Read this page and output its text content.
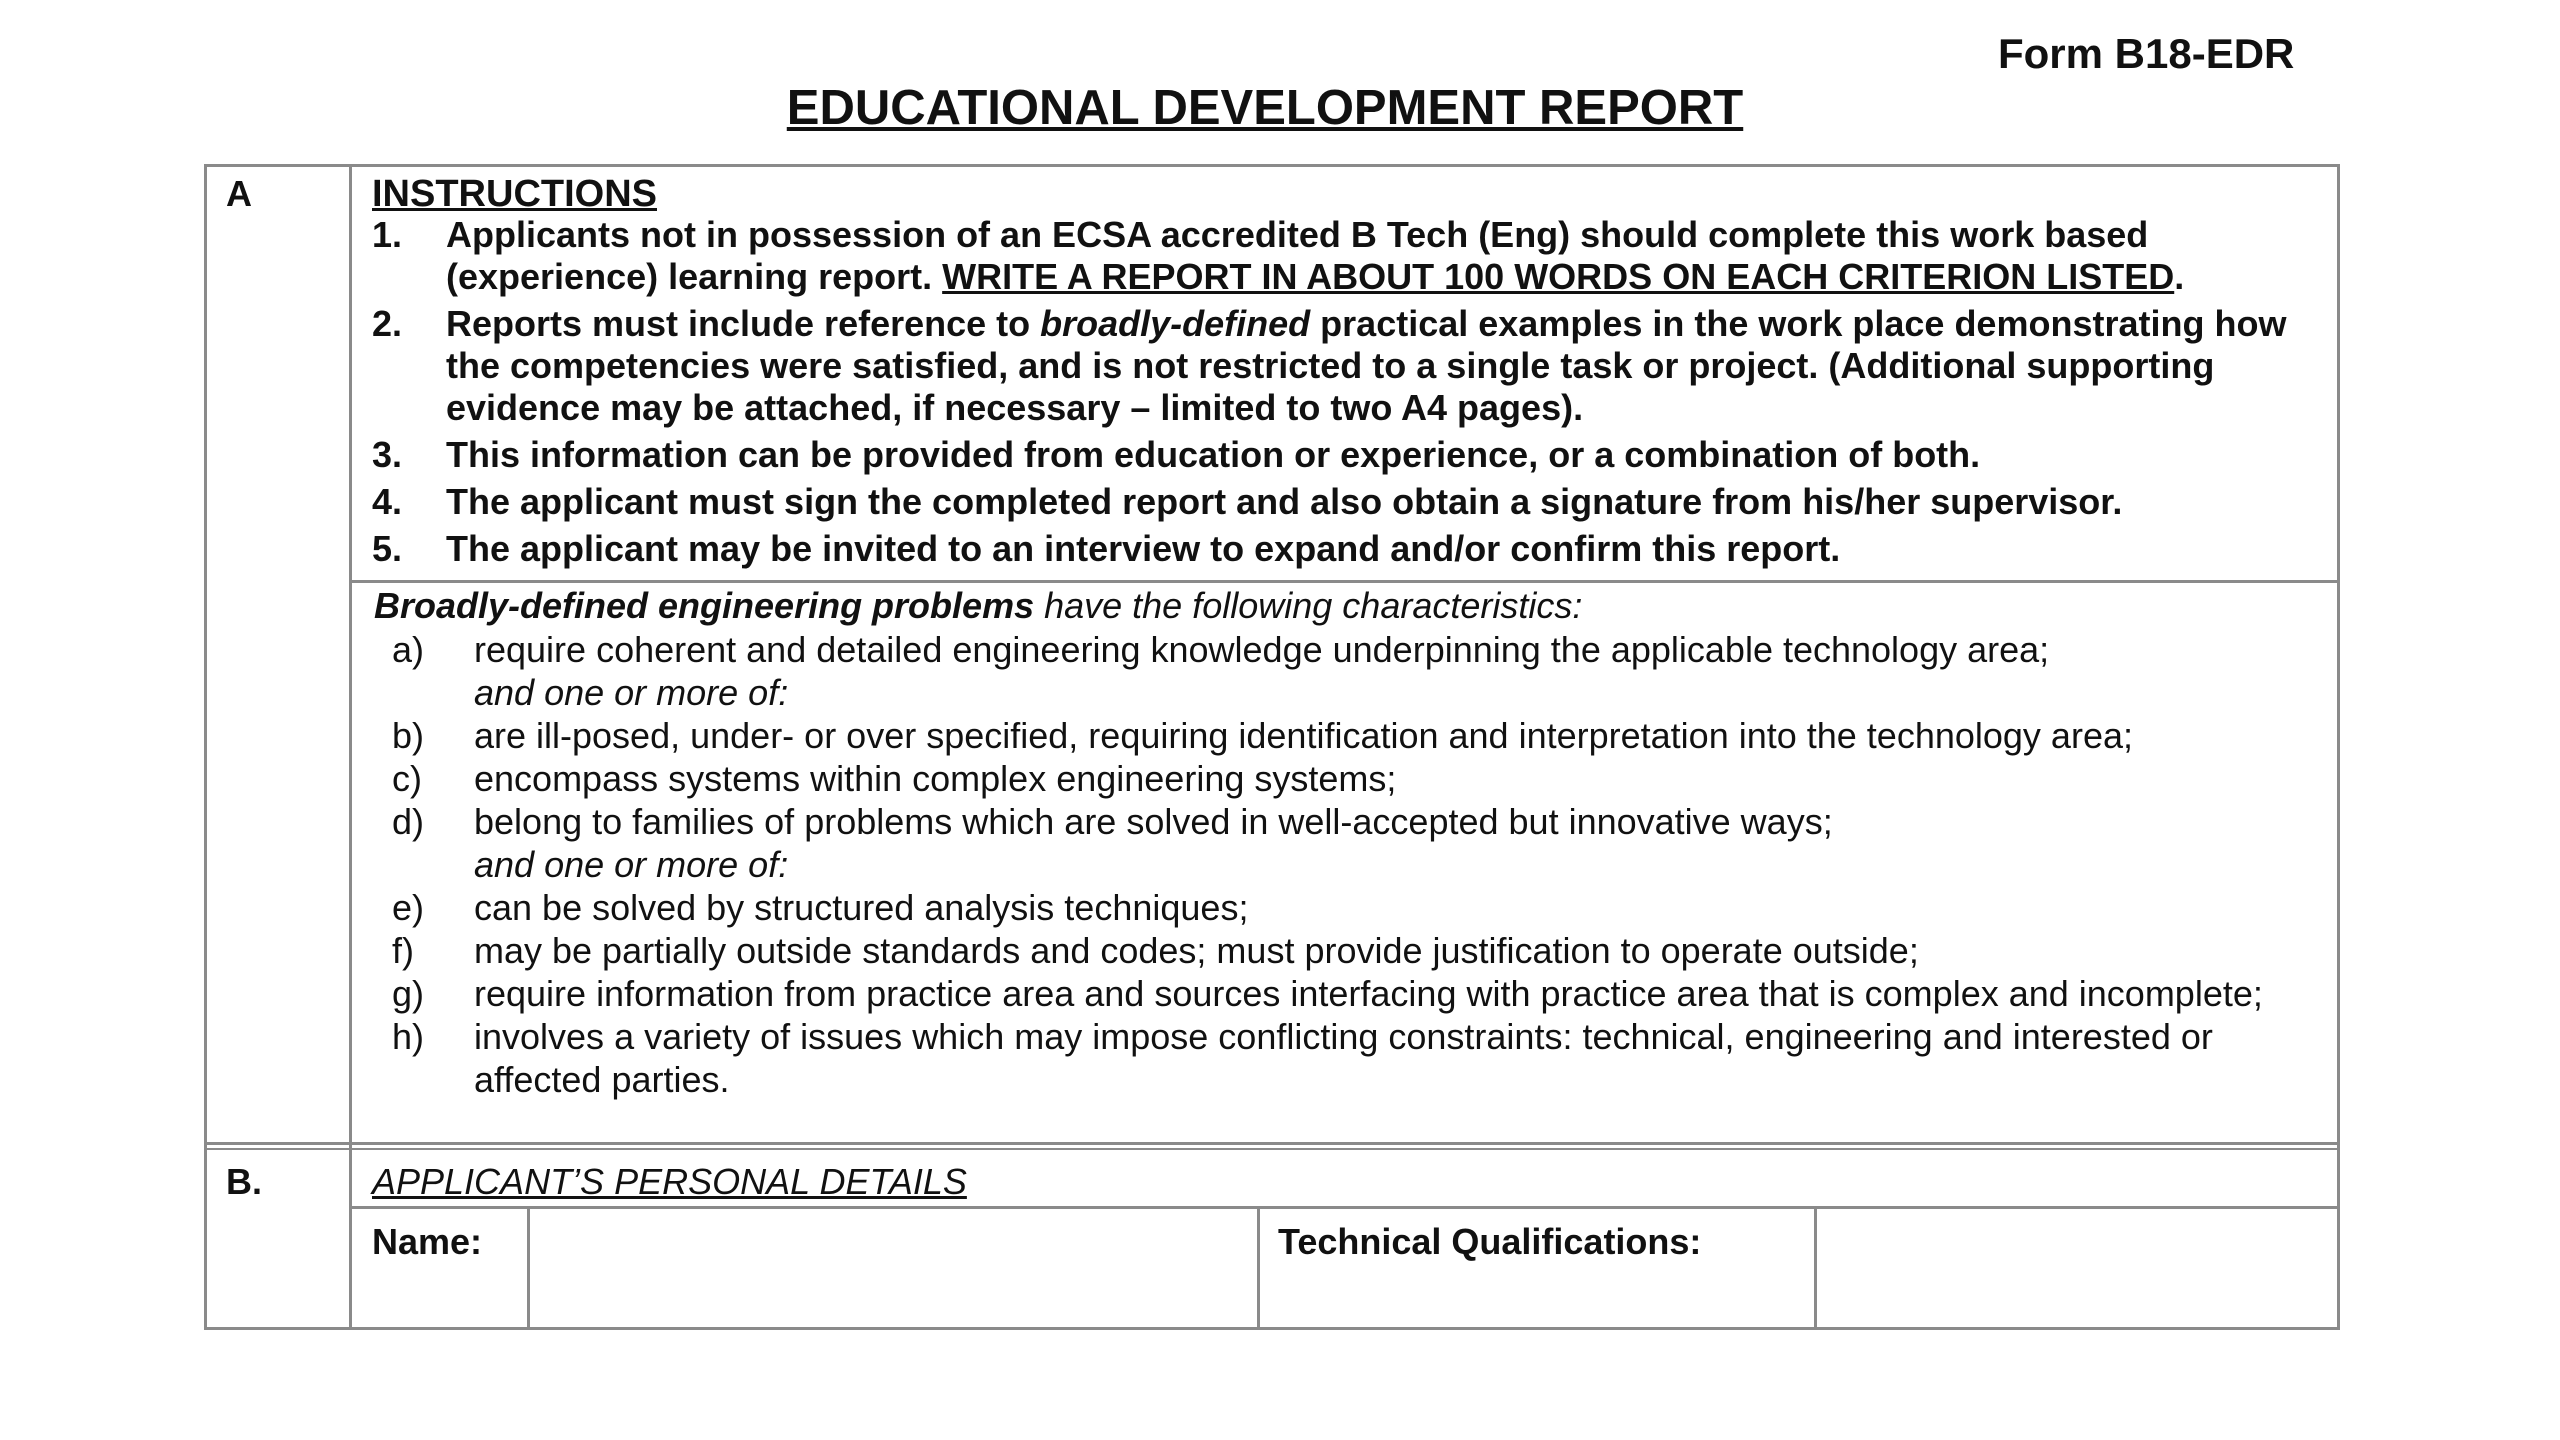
Form B18-EDR
EDUCATIONAL DEVELOPMENT REPORT
A	INSTRUCTIONS
1.	Applicants not in possession of an ECSA accredited B Tech (Eng) should complete this work based (experience) learning report. WRITE A REPORT IN ABOUT 100 WORDS ON EACH CRITERION LISTED.
2.	Reports must include reference to broadly-defined practical examples in the work place demonstrating how the competencies were satisfied, and is not restricted to a single task or project. (Additional supporting evidence may be attached, if necessary – limited to two A4 pages).
3.	This information can be provided from education or experience, or a combination of both.
4.	The applicant must sign the completed report and also obtain a signature from his/her supervisor.
5.	The applicant may be invited to an interview to expand and/or confirm this report.
Broadly-defined engineering problems have the following characteristics:
a)	require coherent and detailed engineering knowledge underpinning the applicable technology area;
and one or more of:
b)	are ill-posed, under- or over specified, requiring identification and interpretation into the technology area;
c)	encompass systems within complex engineering systems;
d)	belong to families of problems which are solved in well-accepted but innovative ways;
and one or more of:
e)	can be solved by structured analysis techniques;
f)	may be partially outside standards and codes; must provide justification to operate outside;
g)	require information from practice area and sources interfacing with practice area that is complex and incomplete;
h)	involves a variety of issues which may impose conflicting constraints: technical, engineering and interested or affected parties.
B.	APPLICANT’S PERSONAL DETAILS
Name:	Technical Qualifications:
